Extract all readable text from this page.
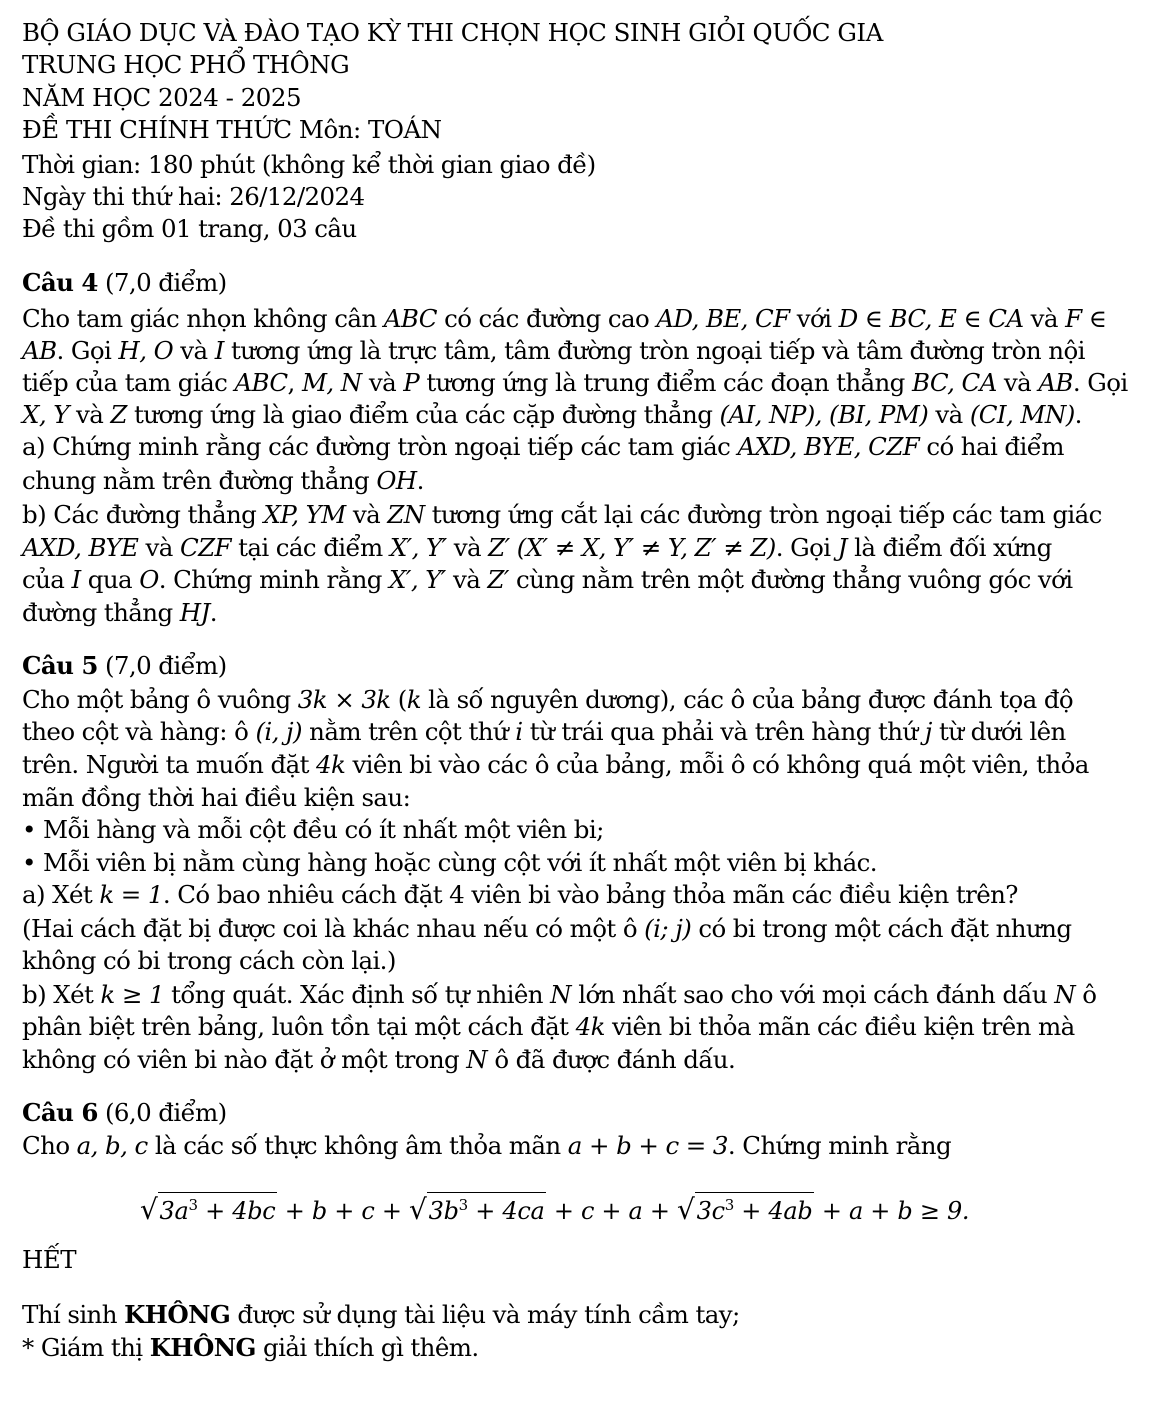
BỘ GIÁO DỤC VÀ ĐÀO TẠO KỲ THI CHỌN HỌC SINH GIỎI QUỐC GIA
TRUNG HỌC PHỔ THÔNG
NĂM HỌC 2024 - 2025
ĐỀ THI CHÍNH THỨC Môn: TOÁN
Thời gian: 180 phút (không kể thời gian giao đề)
Ngày thi thứ hai: 26/12/2024
Đề thi gồm 01 trang, 03 câu
Câu 4 (7,0 điểm)
Cho tam giác nhọn không cân ABC có các đường cao AD, BE, CF với D ∈ BC, E ∈ CA và F ∈
AB. Gọi H, O và I tương ứng là trực tâm, tâm đường tròn ngoại tiếp và tâm đường tròn nội
tiếp của tam giác ABC, M, N và P tương ứng là trung điểm các đoạn thẳng BC, CA và AB. Gọi
X, Y và Z tương ứng là giao điểm của các cặp đường thẳng (AI, NP), (BI, PM) và (CI, MN).
a) Chứng minh rằng các đường tròn ngoại tiếp các tam giác AXD, BYE, CZF có hai điểm
chung nằm trên đường thẳng OH.
b) Các đường thẳng XP, YM và ZN tương ứng cắt lại các đường tròn ngoại tiếp các tam giác
AXD, BYE và CZF tại các điểm X′, Y′ và Z′ (X′ ≠ X, Y′ ≠ Y, Z′ ≠ Z). Gọi J là điểm đối xứng
của I qua O. Chứng minh rằng X′, Y′ và Z′ cùng nằm trên một đường thẳng vuông góc với
đường thẳng HJ.
Câu 5 (7,0 điểm)
Cho một bảng ô vuông 3k × 3k (k là số nguyên dương), các ô của bảng được đánh tọa độ
theo cột và hàng: ô (i, j) nằm trên cột thứ i từ trái qua phải và trên hàng thứ j từ dưới lên
trên. Người ta muốn đặt 4k viên bi vào các ô của bảng, mỗi ô có không quá một viên, thỏa
mãn đồng thời hai điều kiện sau:
• Mỗi hàng và mỗi cột đều có ít nhất một viên bi;
• Mỗi viên bị nằm cùng hàng hoặc cùng cột với ít nhất một viên bị khác.
a) Xét k = 1. Có bao nhiêu cách đặt 4 viên bi vào bảng thỏa mãn các điều kiện trên?
(Hai cách đặt bị được coi là khác nhau nếu có một ô (i; j) có bi trong một cách đặt nhưng
không có bi trong cách còn lại.)
b) Xét k ≥ 1 tổng quát. Xác định số tự nhiên N lớn nhất sao cho với mọi cách đánh dấu N ô
phân biệt trên bảng, luôn tồn tại một cách đặt 4k viên bi thỏa mãn các điều kiện trên mà
không có viên bi nào đặt ở một trong N ô đã được đánh dấu.
Câu 6 (6,0 điểm)
Cho a, b, c là các số thực không âm thỏa mãn a + b + c = 3. Chứng minh rằng
$√3a^3 + 4bc + b + c + √3b^3 + 4ca + c + a + √3c^3 + 4ab + a + b \ge 9$.
HẾT
Thí sinh KHÔNG được sử dụng tài liệu và máy tính cầm tay;
* Giám thị KHÔNG giải thích gì thêm.
